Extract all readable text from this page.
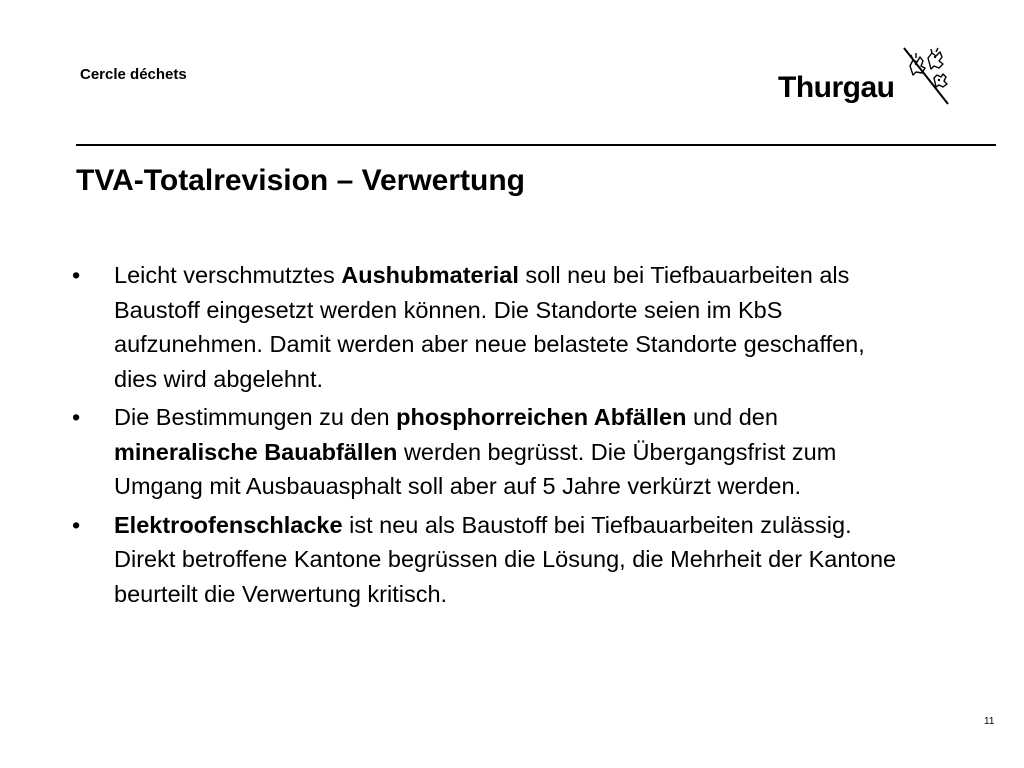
Cercle déchets	Thurgau
TVA-Totalrevision – Verwertung
• Leicht verschmutztes Aushubmaterial soll neu bei Tiefbauarbeiten als Baustoff eingesetzt werden können. Die Standorte seien im KbS aufzunehmen. Damit werden aber neue belastete Standorte geschaffen, dies wird abgelehnt.
• Die Bestimmungen zu den phosphorreichen Abfällen und den mineralische Bauabfällen werden begrüsst. Die Übergangsfrist zum Umgang mit Ausbauasphalt soll aber auf 5 Jahre verkürzt werden.
• Elektroofenschlacke ist neu als Baustoff bei Tiefbauarbeiten zulässig. Direkt betroffene Kantone begrüssen die Lösung, die Mehrheit der Kantone beurteilt die Verwertung kritisch.
11
